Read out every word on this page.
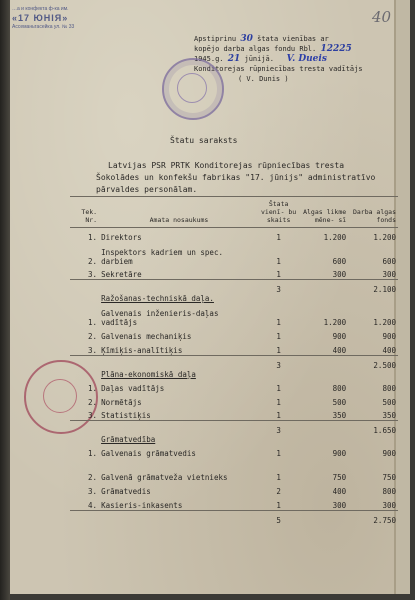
40
…а и конфекта ф-ка им.
«17 ЮНІЯ»
Ассеманьтасейка ул. № 33
Apstiprinu 30 štata vienības ar
kopējo darba algas fondu Rbl. 12225
1945.g. 21 jūnijā. V. Dueis
Konditorejas rūpniecības tresta vadītājs
( V. Dunis )
Štatu saraksts
Latvijas PSR PRTK Konditorejas rūpniecības tresta
Šokolādes un konfekšu fabrikas "17. jūnijs" administratīvo
pārvaldes personālam.
Tek. Nr.	Amata nosaukums	Štata vienī- bu skaits	Algas likme mēne- sī	Darba algas fonds
1.	Direktors	1	1.200	1.200
2.	Inspektors kadriem un spec. darbiem	1	600	600
3.	Sekretāre	1	300	300
		3		2.100
	Ražošanas-techniskā daļa.			
1.	Galvenais inženieris-daļas vadītājs	1	1.200	1.200
2.	Galvenais mechaniķis	1	900	900
3.	Ķīmiķis-analītiķis	1	400	400
		3		2.500
	Plāna-ekonomiskā daļa			
1.	Daļas vadītājs	1	800	800
2.	Normētājs	1	500	500
3.	Statistiķis	1	350	350
		3		1.650
	Grāmatvedība			
1.	Galvenais grāmatvedis	1	900	900
2.	Galvenā grāmatveža vietnieks	1	750	750
3.	Grāmatvedis	2	400	800
4.	Kasieris-inkasents	1	300	300
		5		2.750
